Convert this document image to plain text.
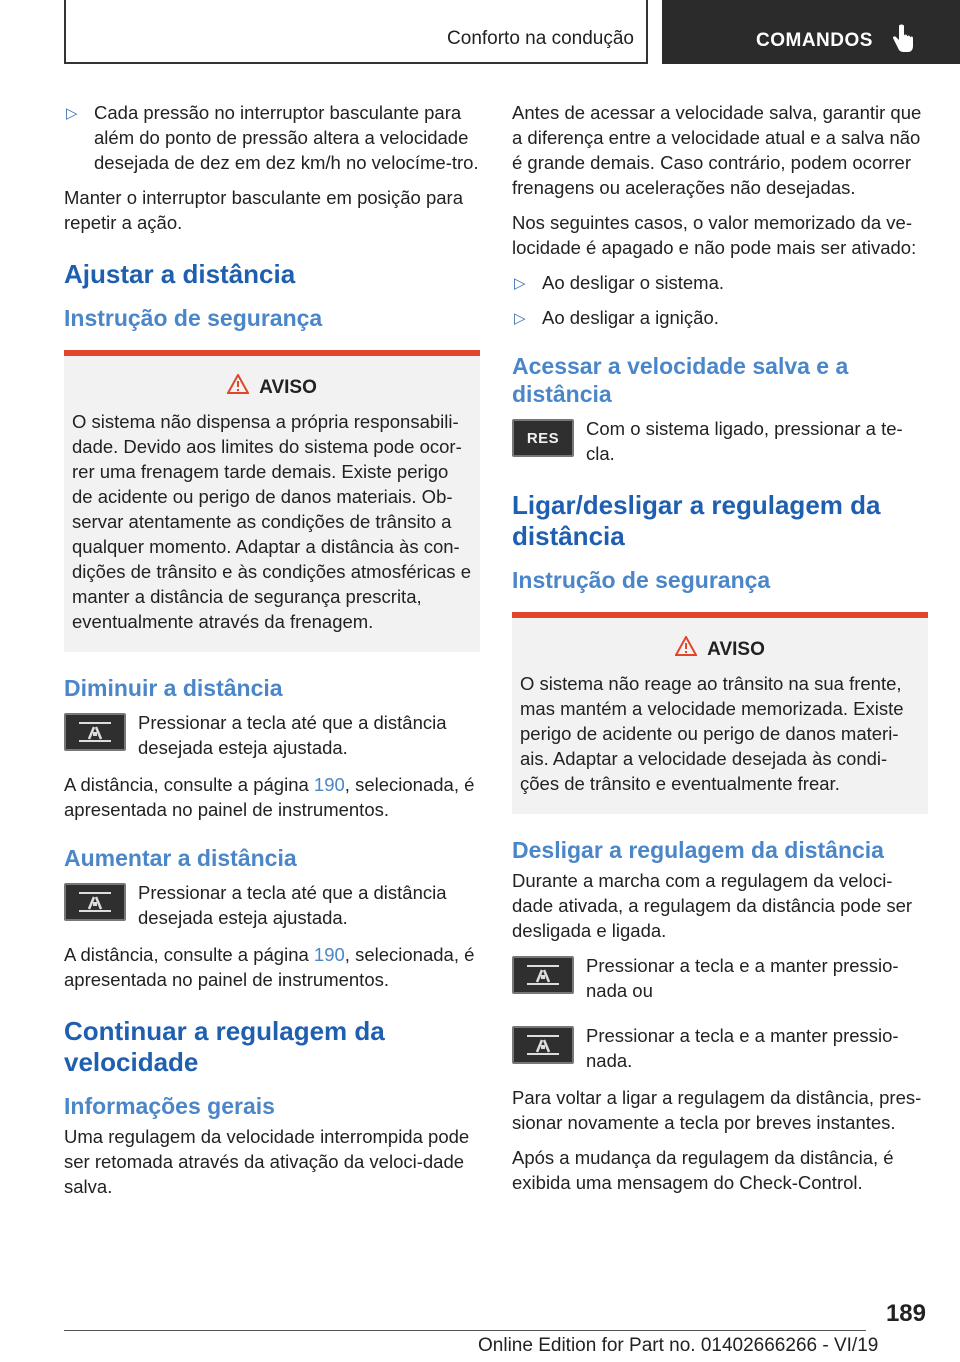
Conforto na condução	COMANDOS
▷ Cada pressão no interruptor basculante para além do ponto de pressão altera a velocidade desejada de dez em dez km/h no velocíme-tro.

Manter o interruptor basculante em posição para repetir a ação.

Ajustar a distância
Instrução de segurança
AVISO

O sistema não dispensa a própria responsabili-dade. Devido aos limites do sistema pode ocor-rer uma frenagem tarde demais. Existe perigo de acidente ou perigo de danos materiais. Ob-servar atentamente as condições de trânsito a qualquer momento. Adaptar a distância às con-dições de trânsito e às condições atmosféricas e manter a distância de segurança prescrita, eventualmente através da frenagem.

Diminuir a distância
Pressionar a tecla até que a distância desejada esteja ajustada.

A distância, consulte a página 190, selecionada, é apresentada no painel de instrumentos.

Aumentar a distância
Pressionar a tecla até que a distância desejada esteja ajustada.

A distância, consulte a página 190, selecionada, é apresentada no painel de instrumentos.

Continuar a regulagem da velocidade
Informações gerais

Uma regulagem da velocidade interrompida pode ser retomada através da ativação da veloci-dade salva.

Antes de acessar a velocidade salva, garantir que a diferença entre a velocidade atual e a salva não é grande demais. Caso contrário, podem ocorrer frenagens ou acelerações não desejadas.

Nos seguintes casos, o valor memorizado da ve-locidade é apagado e não pode mais ser ativado:

▷ Ao desligar o sistema.
▷ Ao desligar a ignição.
Acessar a velocidade salva e a distância
RES Com o sistema ligado, pressionar a te-cla.
Ligar/desligar a regulagem da distância
Instrução de segurança
AVISO

O sistema não reage ao trânsito na sua frente, mas mantém a velocidade memorizada. Existe perigo de acidente ou perigo de danos materi-ais. Adaptar a velocidade desejada às condi-ções de trânsito e eventualmente frear.

Desligar a regulagem da distância

Durante a marcha com a regulagem da veloci-dade ativada, a regulagem da distância pode ser desligada e ligada.

Pressionar a tecla e a manter pressio-nada ou
Pressionar a tecla e a manter pressio-nada.

Para voltar a ligar a regulagem da distância, pres-sionar novamente a tecla por breves instantes.

Após a mudança da regulagem da distância, é exibida uma mensagem do Check-Control.

189
Online Edition for Part no. 01402666266 - VI/19
